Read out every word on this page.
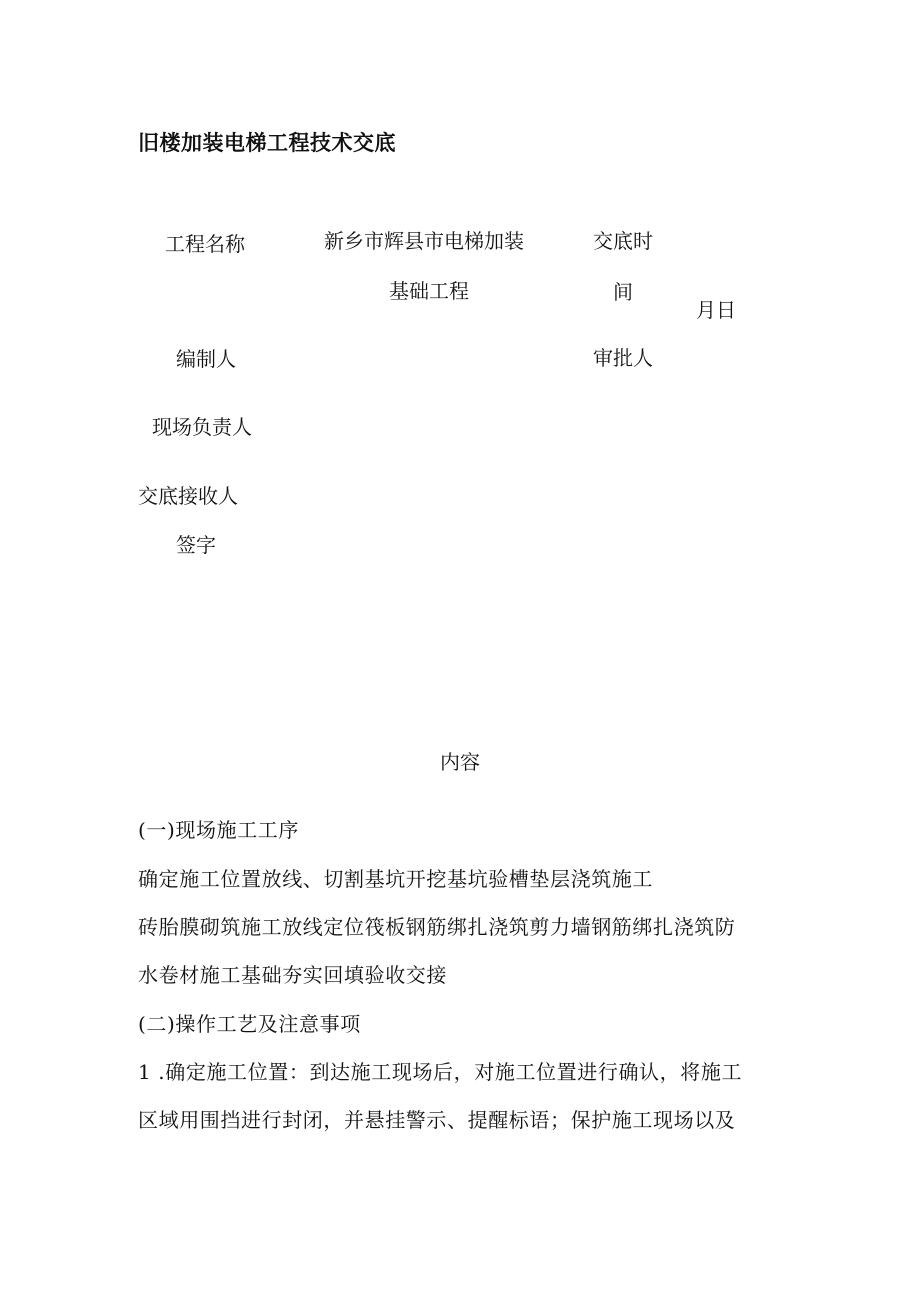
旧楼加装电梯工程技术交底
工程名称	新乡市辉县市电梯加装
基础工程
交底时
间
月日
编制人	审批人
现场负责人
交底接收人
签字
内容
(一)现场施工工序
确定施工位置放线、切割基坑开挖基坑验槽垫层浇筑施工
砖胎膜砌筑施工放线定位筏板钢筋绑扎浇筑剪力墙钢筋绑扎浇筑防
水卷材施工基础夯实回填验收交接
(二)操作工艺及注意事项
1 .确定施工位置：到达施工现场后，对施工位置进行确认，将施工
区域用围挡进行封闭，并悬挂警示、提醒标语；保护施工现场以及
